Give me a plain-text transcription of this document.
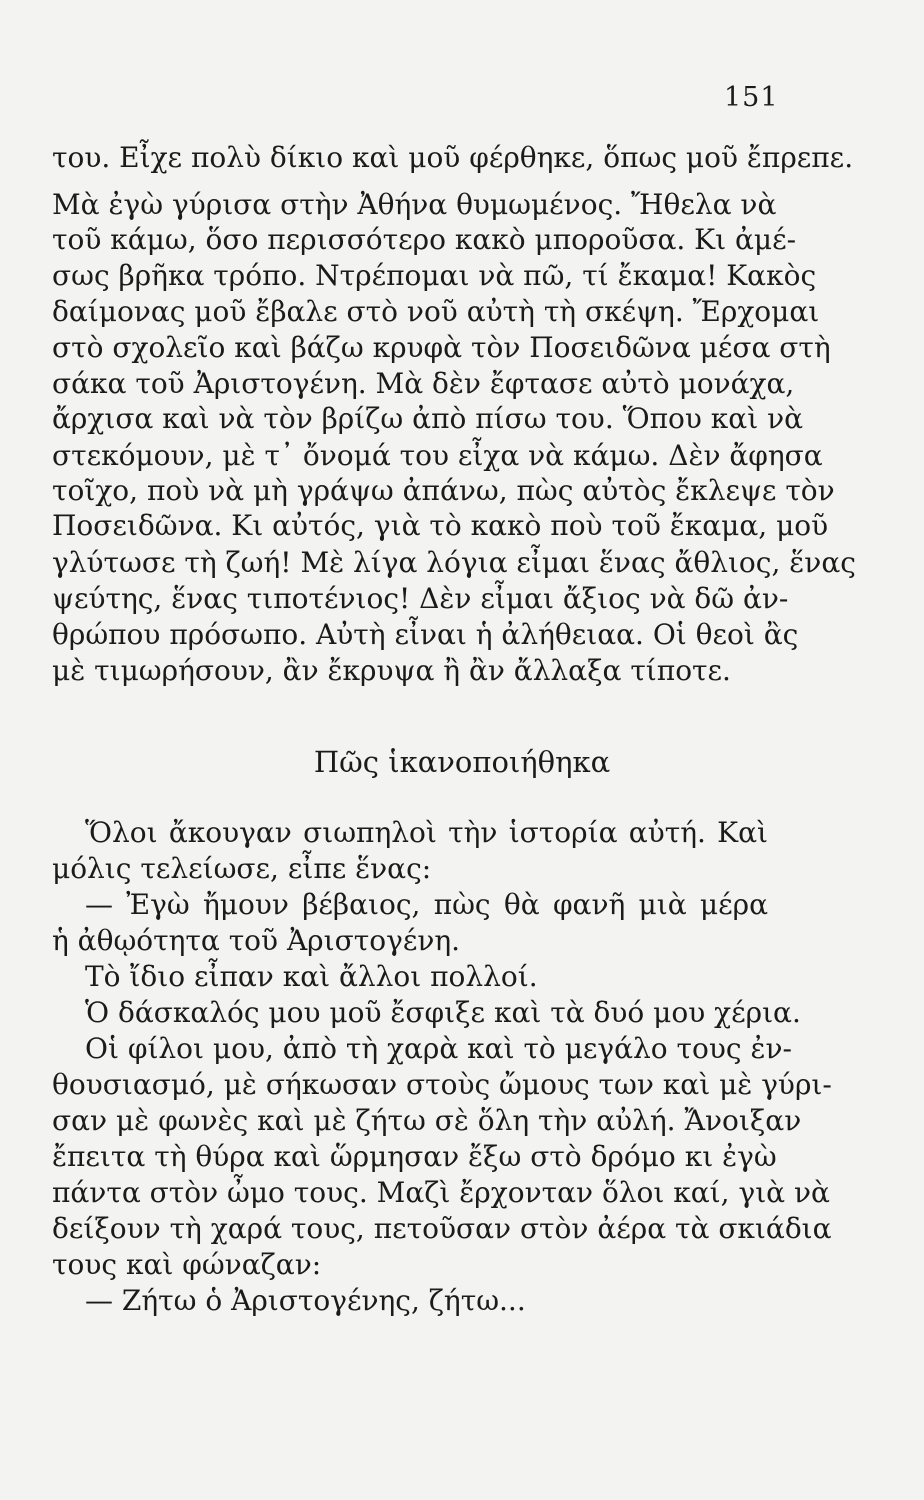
151
του. Εἶχε πολὺ δίκιο καὶ μοῦ φέρθηκε, ὅπως μοῦ ἔπρεπε.
Μὰ ἐγὼ γύρισα στὴν Ἀθήνα θυμωμένος. Ἤθελα νὰ
τοῦ κάμω, ὅσο περισσότερο κακὸ μποροῦσα. Κι ἀμέ-
σως βρῆκα τρόπο. Ντρέπομαι νὰ πῶ, τί ἔκαμα! Κακὸς
δαίμονας μοῦ ἔβαλε στὸ νοῦ αὐτὴ τὴ σκέψη. Ἔρχομαι
στὸ σχολεῖο καὶ βάζω κρυφὰ τὸν Ποσειδῶνα μέσα στὴ
σάκα τοῦ Ἀριστογένη. Μὰ δὲν ἔφτασε αὐτὸ μονάχα,
ἄρχισα καὶ νὰ τὸν βρίζω ἀπὸ πίσω του. Ὅπου καὶ νὰ
στεκόμουν, μὲ τ᾽ ὄνομά του εἶχα νὰ κάμω. Δὲν ἄφησα
τοῖχο, ποὺ νὰ μὴ γράψω ἀπάνω, πὼς αὐτὸς ἔκλεψε τὸν
Ποσειδῶνα. Κι αὐτός, γιὰ τὸ κακὸ ποὺ τοῦ ἔκαμα, μοῦ
γλύτωσε τὴ ζωή! Μὲ λίγα λόγια εἶμαι ἕνας ἄθλιος, ἕνας
ψεύτης, ἕνας τιποτένιος! Δὲν εἶμαι ἄξιος νὰ δῶ ἀν-
θρώπου πρόσωπο. Αὐτὴ εἶναι ἡ ἀλήθειαα. Οἱ θεοὶ ἂς
μὲ τιμωρήσουν, ἂν ἔκρυψα ἢ ἂν ἄλλαξα τίποτε.
Πῶς ἱκανοποιήθηκα
Ὅλοι ἄκουγαν σιωπηλοὶ τὴν ἱστορία αὐτή. Καὶ
μόλις τελείωσε, εἶπε ἕνας:
— Ἐγὼ ἤμουν βέβαιος, πὼς θὰ φανῆ μιὰ μέρα
ἡ ἀθῳότητα τοῦ Ἀριστογένη.
Τὸ ἴδιο εἶπαν καὶ ἄλλοι πολλοί.
Ὁ δάσκαλός μου μοῦ ἔσφιξε καὶ τὰ δυό μου χέρια.
Οἱ φίλοι μου, ἀπὸ τὴ χαρὰ καὶ τὸ μεγάλο τους ἐν-
θουσιασμό, μὲ σήκωσαν στοὺς ὤμους των καὶ μὲ γύρι-
σαν μὲ φωνὲς καὶ μὲ ζήτω σὲ ὅλη τὴν αὐλή. Ἄνοιξαν
ἔπειτα τὴ θύρα καὶ ὥρμησαν ἔξω στὸ δρόμο κι ἐγὼ
πάντα στὸν ὦμο τους. Μαζὶ ἔρχονταν ὅλοι καί, γιὰ νὰ
δείξουν τὴ χαρά τους, πετοῦσαν στὸν ἀέρα τὰ σκιάδια
τους καὶ φώναζαν:
— Ζήτω ὁ Ἀριστογένης, ζήτω...
